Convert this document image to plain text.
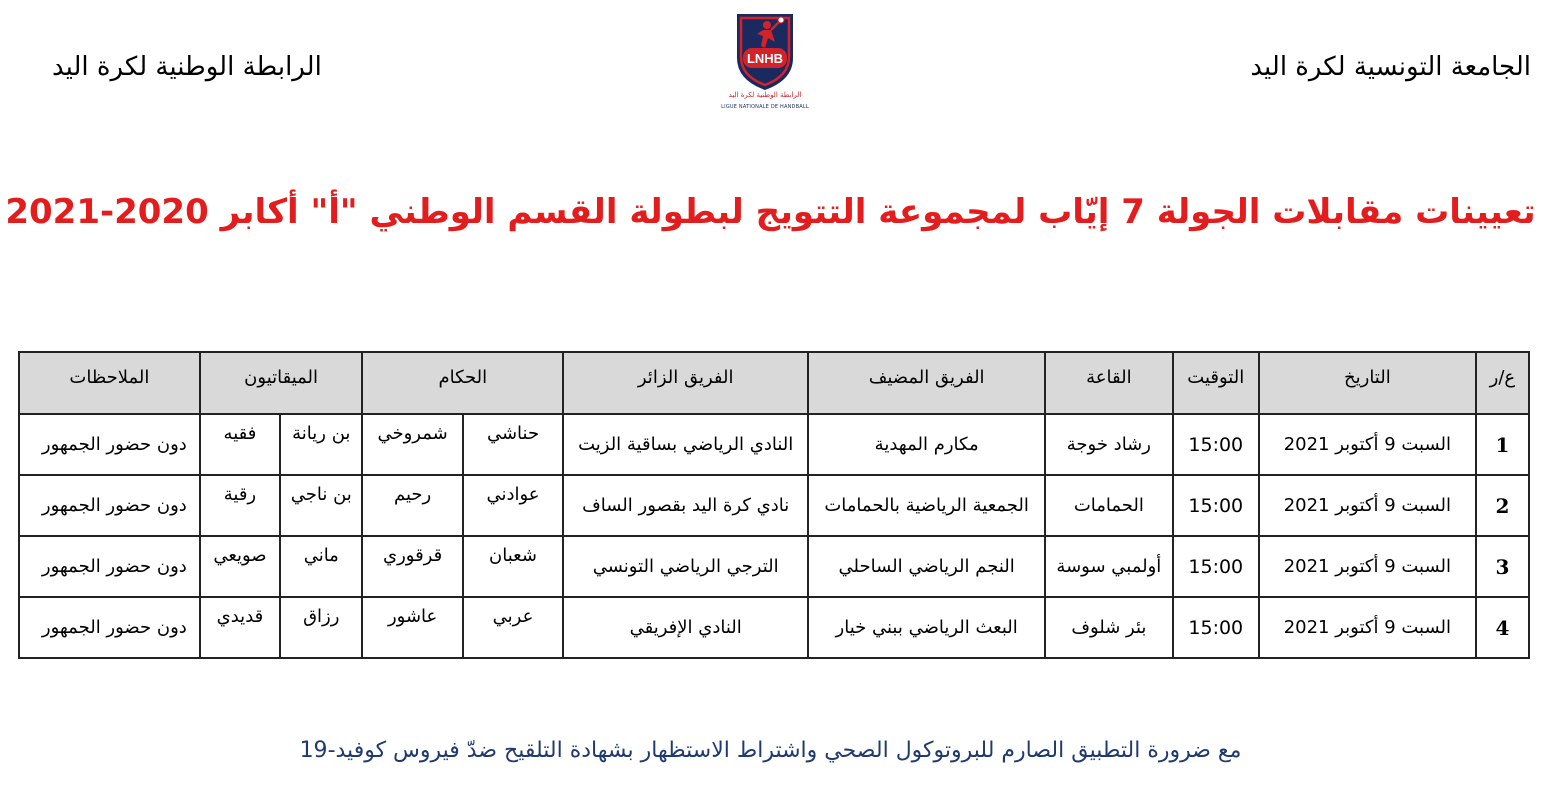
الجامعة التونسية لكرة اليد
الرابطة الوطنية لكرة اليد	LNHB
الرابطة الوطنية لكرة اليد
LIGUE NATIONALE DE HANDBALL
تعيينات مقابلات الجولة 7 إيّاب لمجموعة التتويج لبطولة القسم الوطني "أ" أكابر 2020-2021
ع/ر	التاريخ	التوقيت	القاعة	الفريق المضيف	الفريق الزائر	الحكام		الميقاتيون		الملاحظات
1	السبت 9 أكتوبر 2021	15:00	رشاد خوجة	مكارم المهدية	النادي الرياضي بساقية الزيت	حناشي	شمروخي	بن ريانة	فقيه	دون حضور الجمهور
2	السبت 9 أكتوبر 2021	15:00	الحمامات	الجمعية الرياضية بالحمامات	نادي كرة اليد بقصور الساف	عوادني	رحيم	بن ناجي	رقية	دون حضور الجمهور
3	السبت 9 أكتوبر 2021	15:00	أولمبي سوسة	النجم الرياضي الساحلي	الترجي الرياضي التونسي	شعبان	قرقوري	ماني	صويعي	دون حضور الجمهور
4	السبت 9 أكتوبر 2021	15:00	بئر شلوف	البعث الرياضي ببني خيار	النادي الإفريقي	عربي	عاشور	رزاق	قديدي	دون حضور الجمهور
مع ضرورة التطبيق الصارم للبروتوكول الصحي واشتراط الاستظهار بشهادة التلقيح ضدّ فيروس كوفيد-19
